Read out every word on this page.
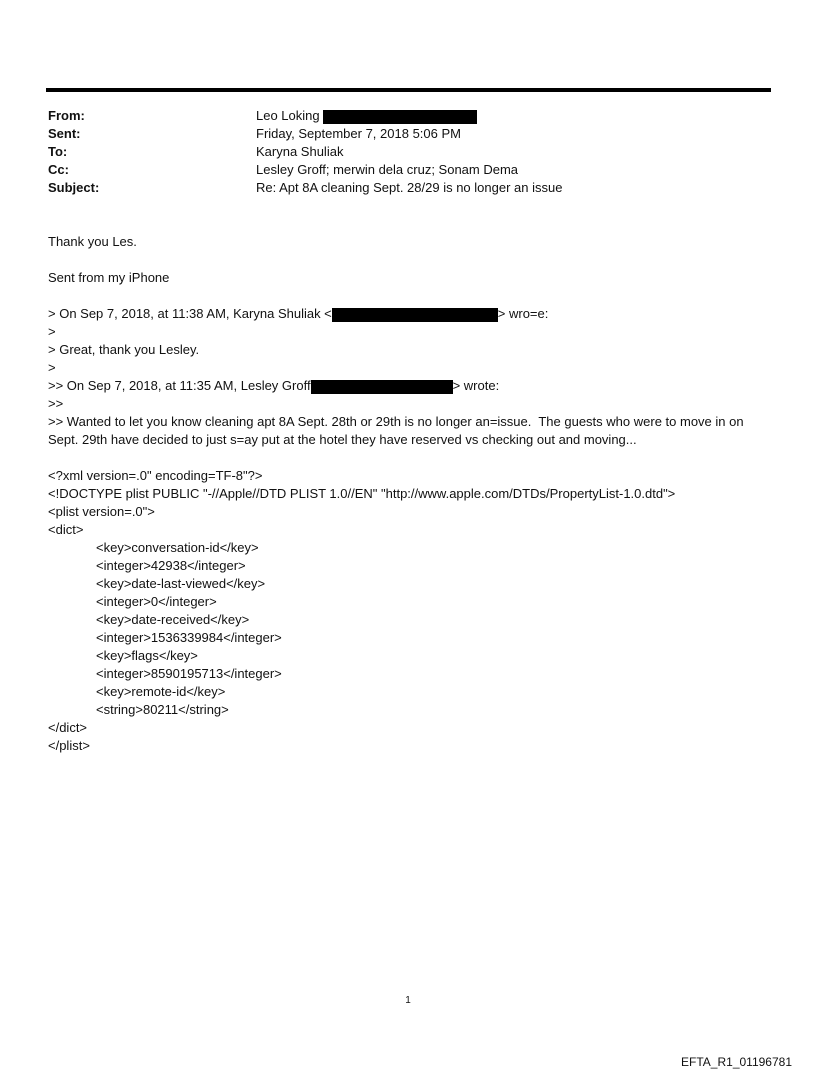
From:	Leo Loking
Sent:	Friday, September 7, 2018 5:06 PM
To:	Karyna Shuliak
Cc:	Lesley Groff; merwin dela cruz; Sonam Dema
Subject:	Re: Apt 8A cleaning Sept. 28/29 is no longer an issue
Thank you Les.
Sent from my iPhone
> On Sep 7, 2018, at 11:38 AM, Karyna Shuliak <	> wro=e:
>
> Great, thank you Lesley.
>
>> On Sep 7, 2018, at 11:35 AM, Lesley Groff	> wrote:
>>
>> Wanted to let you know cleaning apt 8A Sept. 28th or 29th is no longer an=issue.  The guests who were to move in on Sept. 29th have decided to just s=ay put at the hotel they have reserved vs checking out and moving...
<?xml version=.0" encoding=TF-8"?>
<!DOCTYPE plist PUBLIC "-//Apple//DTD PLIST 1.0//EN" "http://www.apple.com/DTDs/PropertyList-1.0.dtd">
<plist version=.0">
<dict>
<key>conversation-id</key>
<integer>42938</integer>
<key>date-last-viewed</key>
<integer>0</integer>
<key>date-received</key>
<integer>1536339984</integer>
<key>flags</key>
<integer>8590195713</integer>
<key>remote-id</key>
<string>80211</string>
</dict>
</plist>
1
EFTA_R1_01196781
